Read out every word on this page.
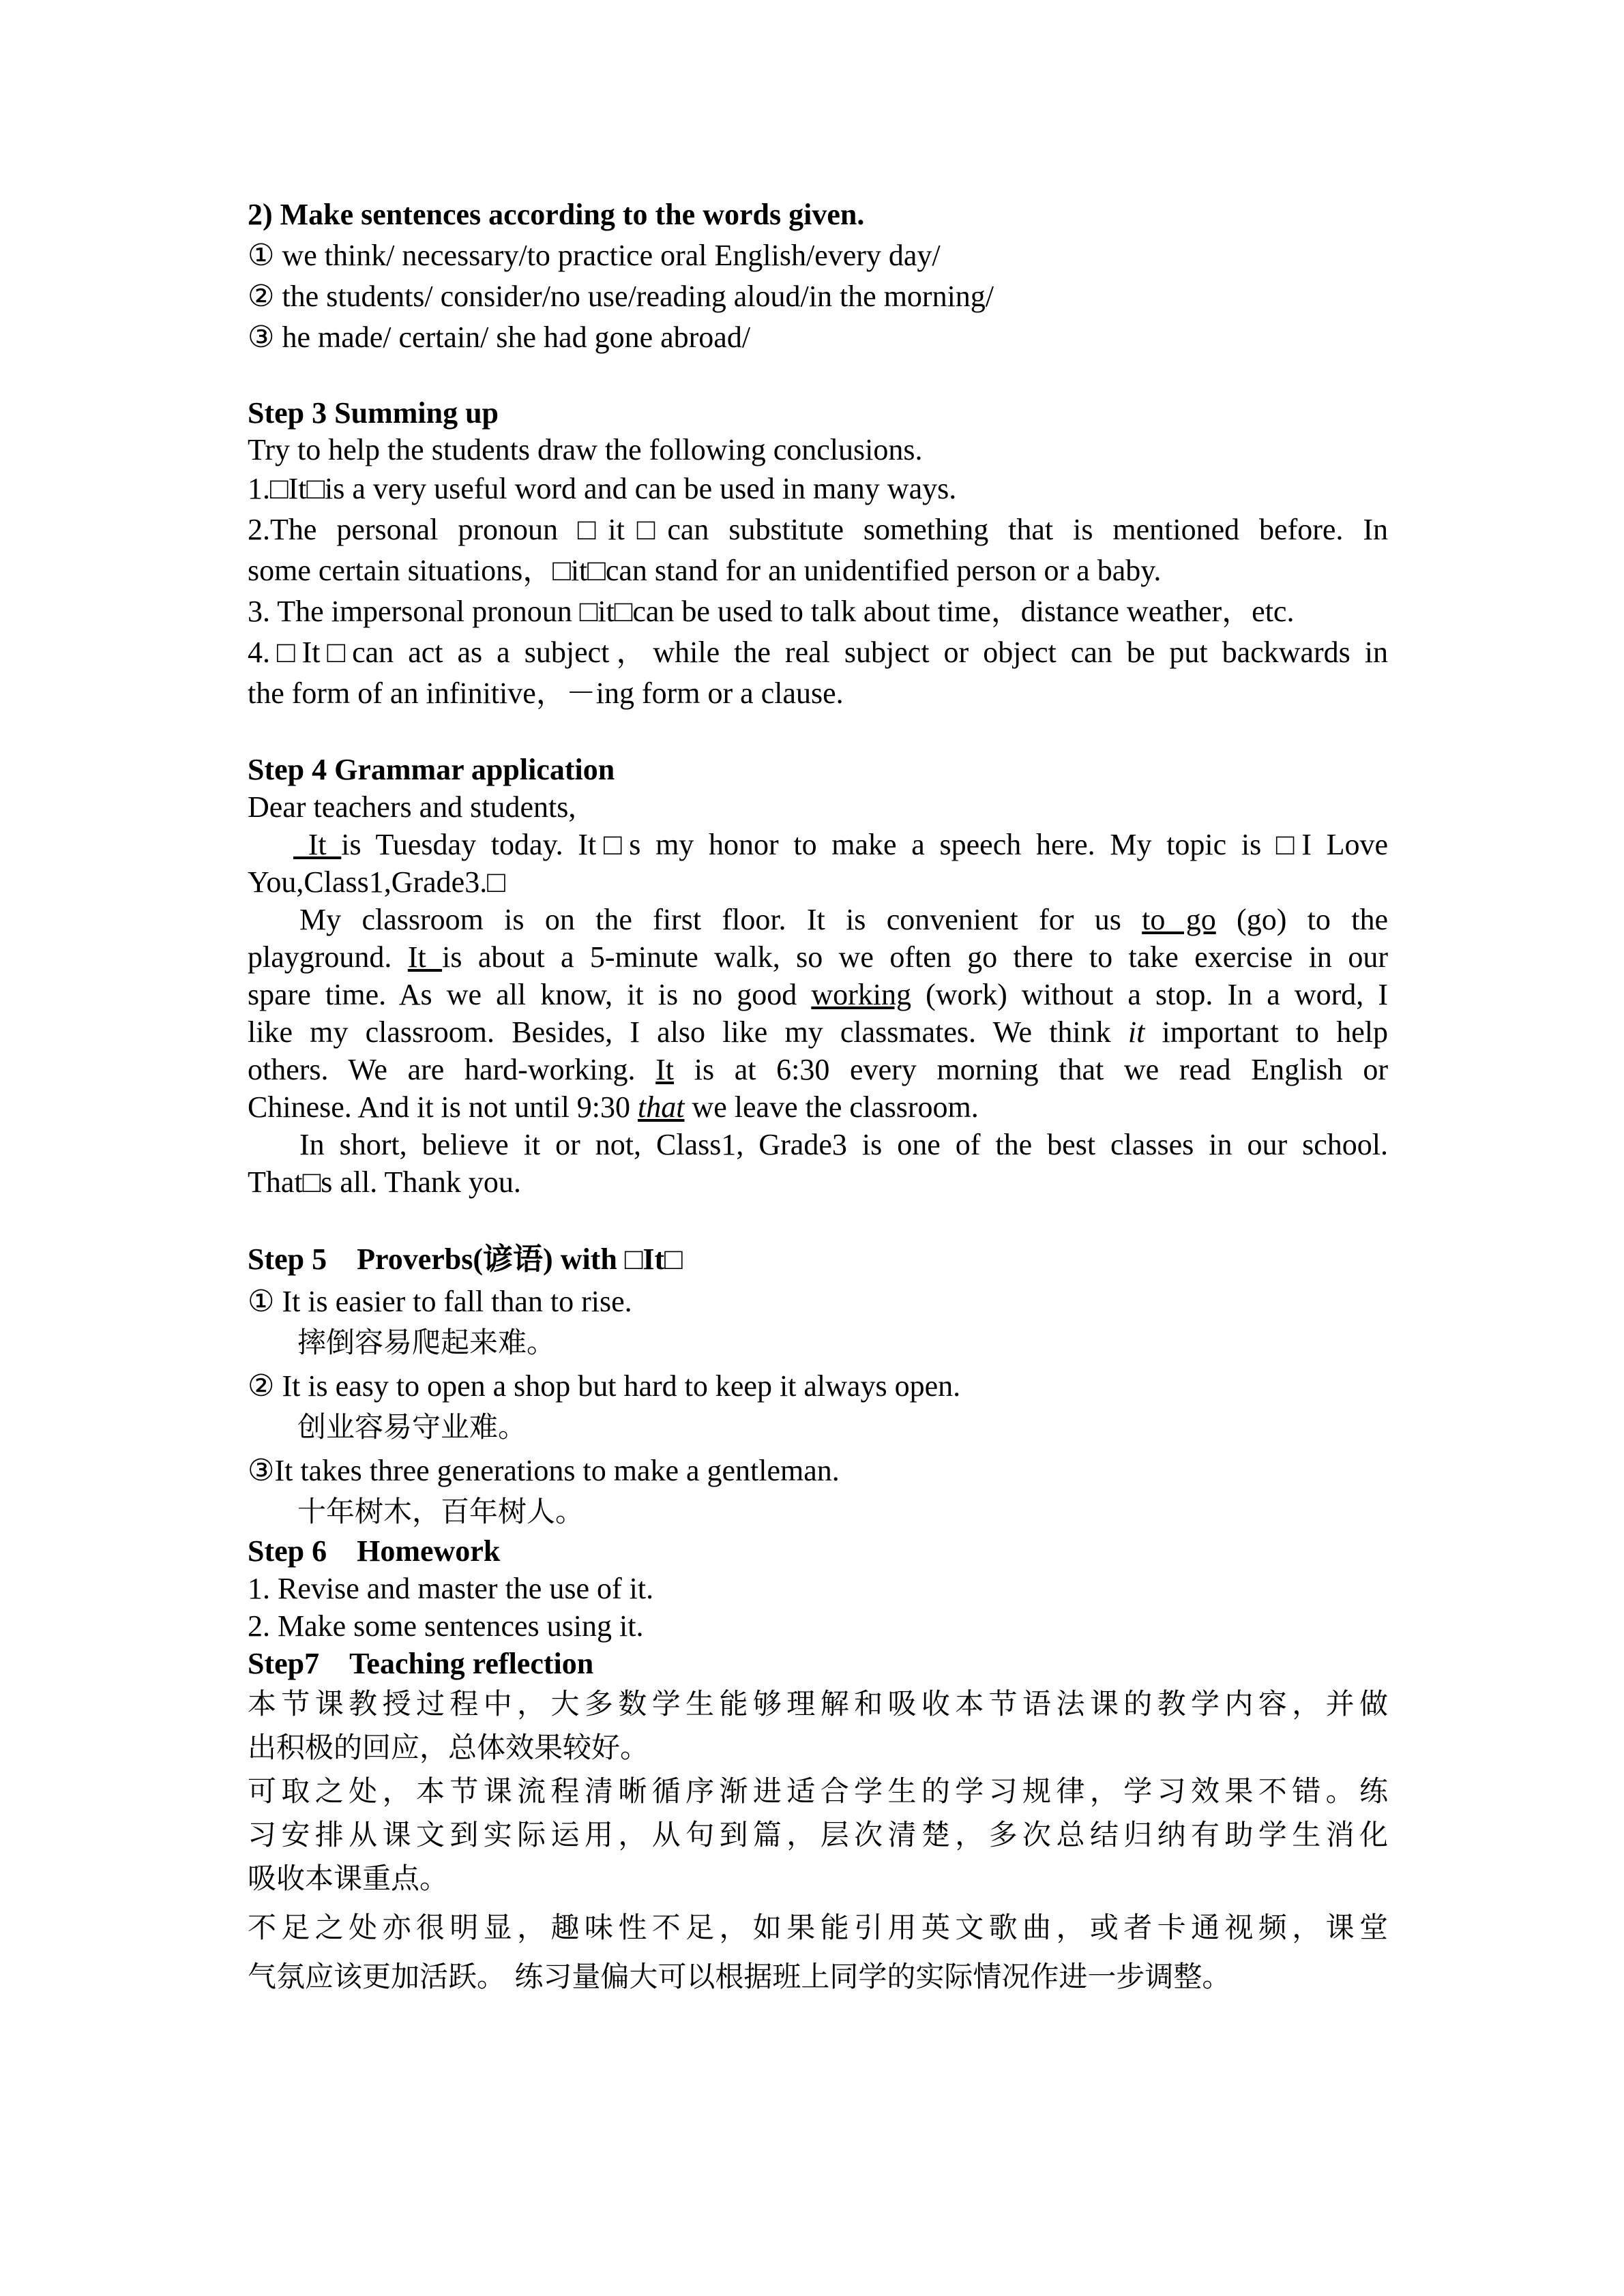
2) Make sentences according to the words given.
① we think/ necessary/to practice oral English/every day/
② the students/ consider/no use/reading aloud/in the morning/
③ he made/ certain/ she had gone abroad/
Step 3 Summing up
Try to help the students draw the following conclusions.
1.□It□is a very useful word and can be used in many ways.
2.The personal pronoun □it□can substitute something that is mentioned before. In
some certain situations，□it□can stand for an unidentified person or a baby.
3. The impersonal pronoun □it□can be used to talk about time，distance weather，etc.
4.□It□can act as a subject，while the real subject or object can be put backwards in
the form of an infinitive，－ing form or a clause.
Step 4 Grammar application
Dear teachers and students,
It is Tuesday today. It□s my honor to make a speech here. My topic is □I Love
You,Class1,Grade3.□
My classroom is on the first floor. It is convenient for us to go (go) to the
playground. It is about a 5-minute walk, so we often go there to take exercise in our
spare time. As we all know, it is no good working (work) without a stop. In a word, I
like my classroom. Besides, I also like my classmates. We think it important to help
others. We are hard-working. It is at 6:30 every morning that we read English or
Chinese. And it is not until 9:30 that we leave the classroom.
In short, believe it or not, Class1, Grade3 is one of the best classes in our school.
That□s all. Thank you.
Step 5　Proverbs(谚语) with □It□
① It is easier to fall than to rise.
摔倒容易爬起来难。
② It is easy to open a shop but hard to keep it always open.
创业容易守业难。
③It takes three generations to make a gentleman.
十年树木，百年树人。
Step 6　Homework
1. Revise and master the use of it.
2. Make some sentences using it.
Step7　Teaching reflection
本节课教授过程中，大多数学生能够理解和吸收本节语法课的教学内容，并做
出积极的回应，总体效果较好。
可取之处，本节课流程清晰循序渐进适合学生的学习规律，学习效果不错。练
习安排从课文到实际运用，从句到篇，层次清楚，多次总结归纳有助学生消化
吸收本课重点。
不足之处亦很明显，趣味性不足，如果能引用英文歌曲，或者卡通视频，课堂
气氛应该更加活跃。 练习量偏大可以根据班上同学的实际情况作进一步调整。
